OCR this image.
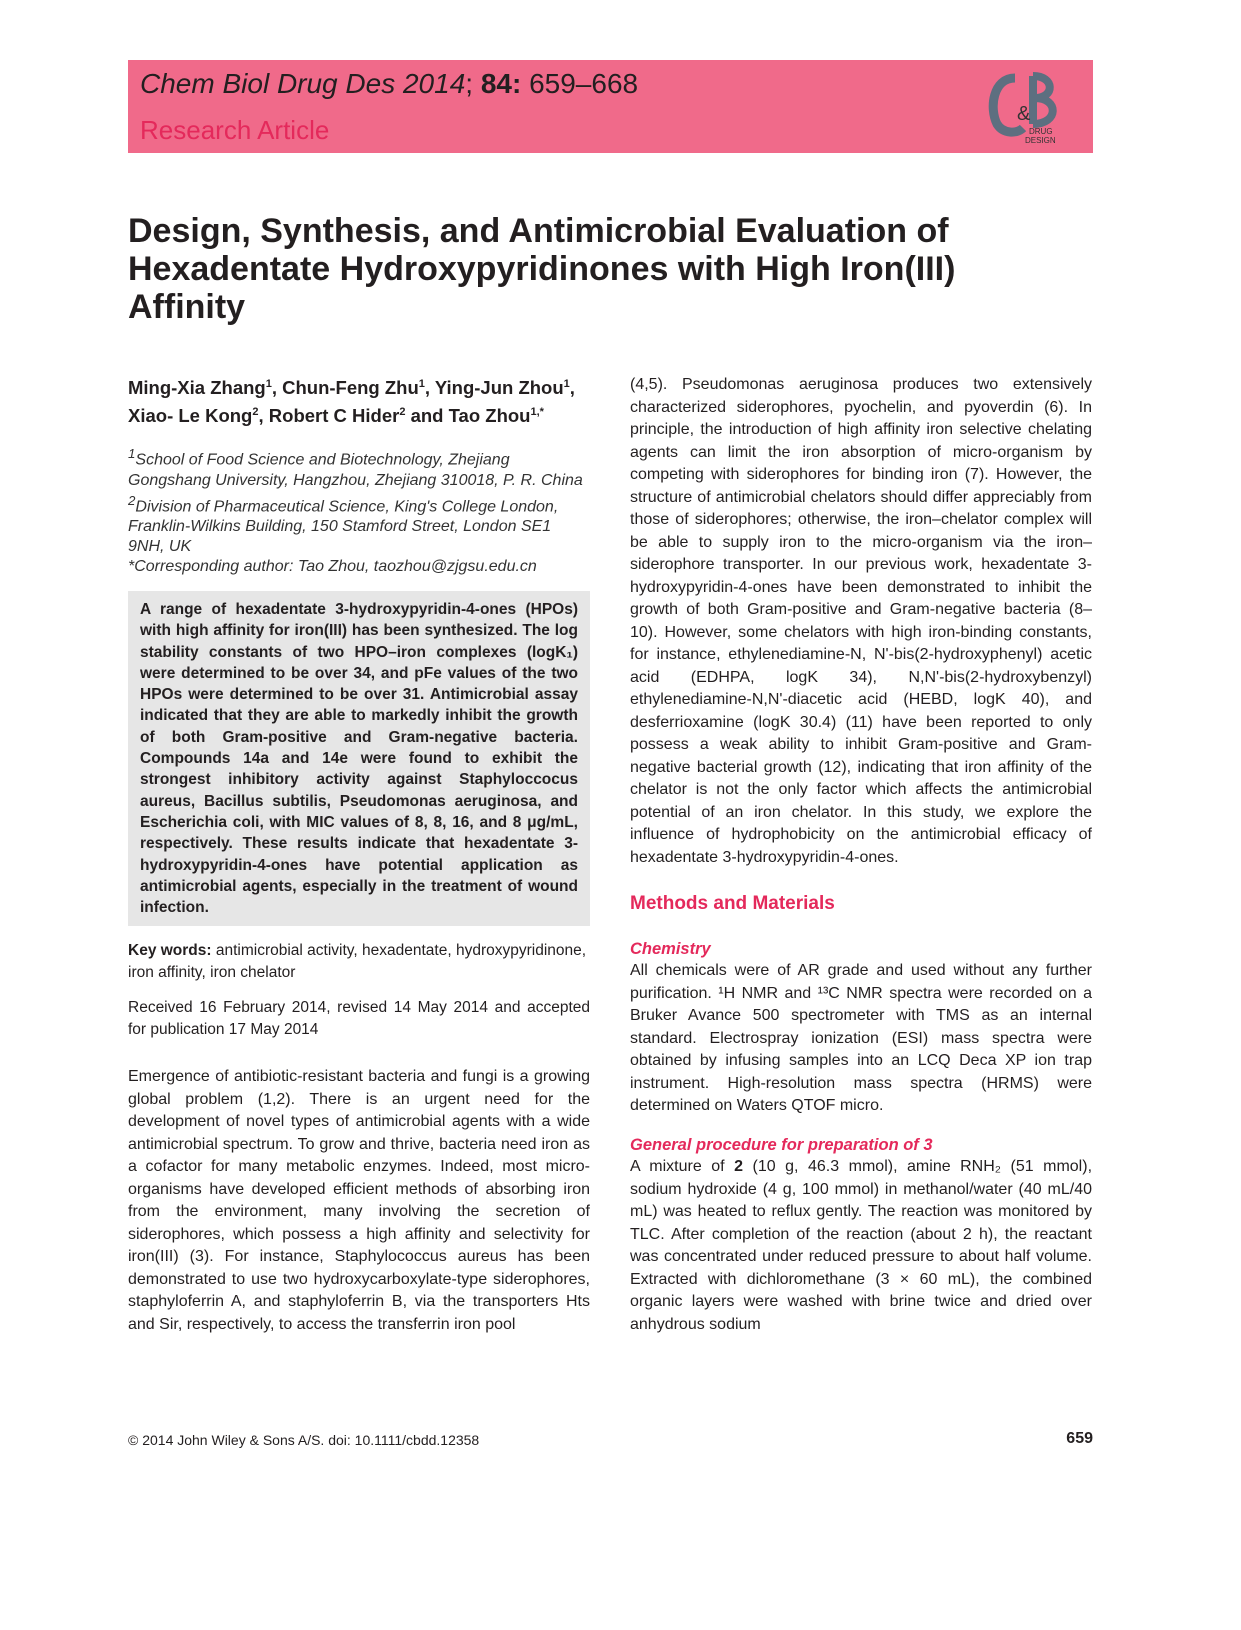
Chem Biol Drug Des 2014; 84: 659–668
Research Article
&
DRUG
DESIGN
Design, Synthesis, and Antimicrobial Evaluation of Hexadentate Hydroxypyridinones with High Iron(III) Affinity
Ming-Xia Zhang$^1$, Chun-Feng Zhu$^1$, Ying-Jun Zhou$^1$, Xiao- Le Kong$^2$, Robert C Hider$^2$ and Tao Zhou$^{1,*}$
$^1$School of Food Science and Biotechnology, Zhejiang Gongshang University, Hangzhou, Zhejiang 310018, P. R. China
$^2$Division of Pharmaceutical Science, King's College London, Franklin-Wilkins Building, 150 Stamford Street, London SE1 9NH, UK
*Corresponding author: Tao Zhou, taozhou@zjgsu.edu.cn
A range of hexadentate 3-hydroxypyridin-4-ones (HPOs) with high affinity for iron(III) has been synthesized. The log stability constants of two HPO–iron complexes (logK₁) were determined to be over 34, and pFe values of the two HPOs were determined to be over 31. Antimicrobial assay indicated that they are able to markedly inhibit the growth of both Gram-positive and Gram-negative bacteria. Compounds 14a and 14e were found to exhibit the strongest inhibitory activity against Staphyloccocus aureus, Bacillus subtilis, Pseudomonas aeruginosa, and Escherichia coli, with MIC values of 8, 8, 16, and 8 μg/mL, respectively. These results indicate that hexadentate 3-hydroxypyridin-4-ones have potential application as antimicrobial agents, especially in the treatment of wound infection.
Key words: antimicrobial activity, hexadentate, hydroxypyridinone, iron affinity, iron chelator
Received 16 February 2014, revised 14 May 2014 and accepted for publication 17 May 2014

Emergence of antibiotic-resistant bacteria and fungi is a growing global problem (1,2). There is an urgent need for the development of novel types of antimicrobial agents with a wide antimicrobial spectrum. To grow and thrive, bacteria need iron as a cofactor for many metabolic enzymes. Indeed, most micro-organisms have developed efficient methods of absorbing iron from the environment, many involving the secretion of siderophores, which possess a high affinity and selectivity for iron(III) (3). For instance, Staphylococcus aureus has been demonstrated to use two hydroxycarboxylate-type siderophores, staphyloferrin A, and staphyloferrin B, via the transporters Hts and Sir, respectively, to access the transferrin iron pool

(4,5). Pseudomonas aeruginosa produces two extensively characterized siderophores, pyochelin, and pyoverdin (6). In principle, the introduction of high affinity iron selective chelating agents can limit the iron absorption of micro-organism by competing with siderophores for binding iron (7). However, the structure of antimicrobial chelators should differ appreciably from those of siderophores; otherwise, the iron–chelator complex will be able to supply iron to the micro-organism via the iron–siderophore transporter. In our previous work, hexadentate 3-hydroxypyridin-4-ones have been demonstrated to inhibit the growth of both Gram-positive and Gram-negative bacteria (8–10). However, some chelators with high iron-binding constants, for instance, ethylenediamine-N, N'-bis(2-hydroxyphenyl) acetic acid (EDHPA, logK 34), N,N'-bis(2-hydroxybenzyl) ethylenediamine-N,N'-diacetic acid (HEBD, logK 40), and desferrioxamine (logK 30.4) (11) have been reported to only possess a weak ability to inhibit Gram-positive and Gram-negative bacterial growth (12), indicating that iron affinity of the chelator is not the only factor which affects the antimicrobial potential of an iron chelator. In this study, we explore the influence of hydrophobicity on the antimicrobial efficacy of hexadentate 3-hydroxypyridin-4-ones.

Methods and Materials
Chemistry

All chemicals were of AR grade and used without any further purification. ¹H NMR and ¹³C NMR spectra were recorded on a Bruker Avance 500 spectrometer with TMS as an internal standard. Electrospray ionization (ESI) mass spectra were obtained by infusing samples into an LCQ Deca XP ion trap instrument. High-resolution mass spectra (HRMS) were determined on Waters QTOF micro.

General procedure for preparation of 3

A mixture of 2 (10 g, 46.3 mmol), amine RNH₂ (51 mmol), sodium hydroxide (4 g, 100 mmol) in methanol/water (40 mL/40 mL) was heated to reflux gently. The reaction was monitored by TLC. After completion of the reaction (about 2 h), the reactant was concentrated under reduced pressure to about half volume. Extracted with dichloromethane (3 × 60 mL), the combined organic layers were washed with brine twice and dried over anhydrous sodium

© 2014 John Wiley & Sons A/S. doi: 10.1111/cbdd.12358	659
